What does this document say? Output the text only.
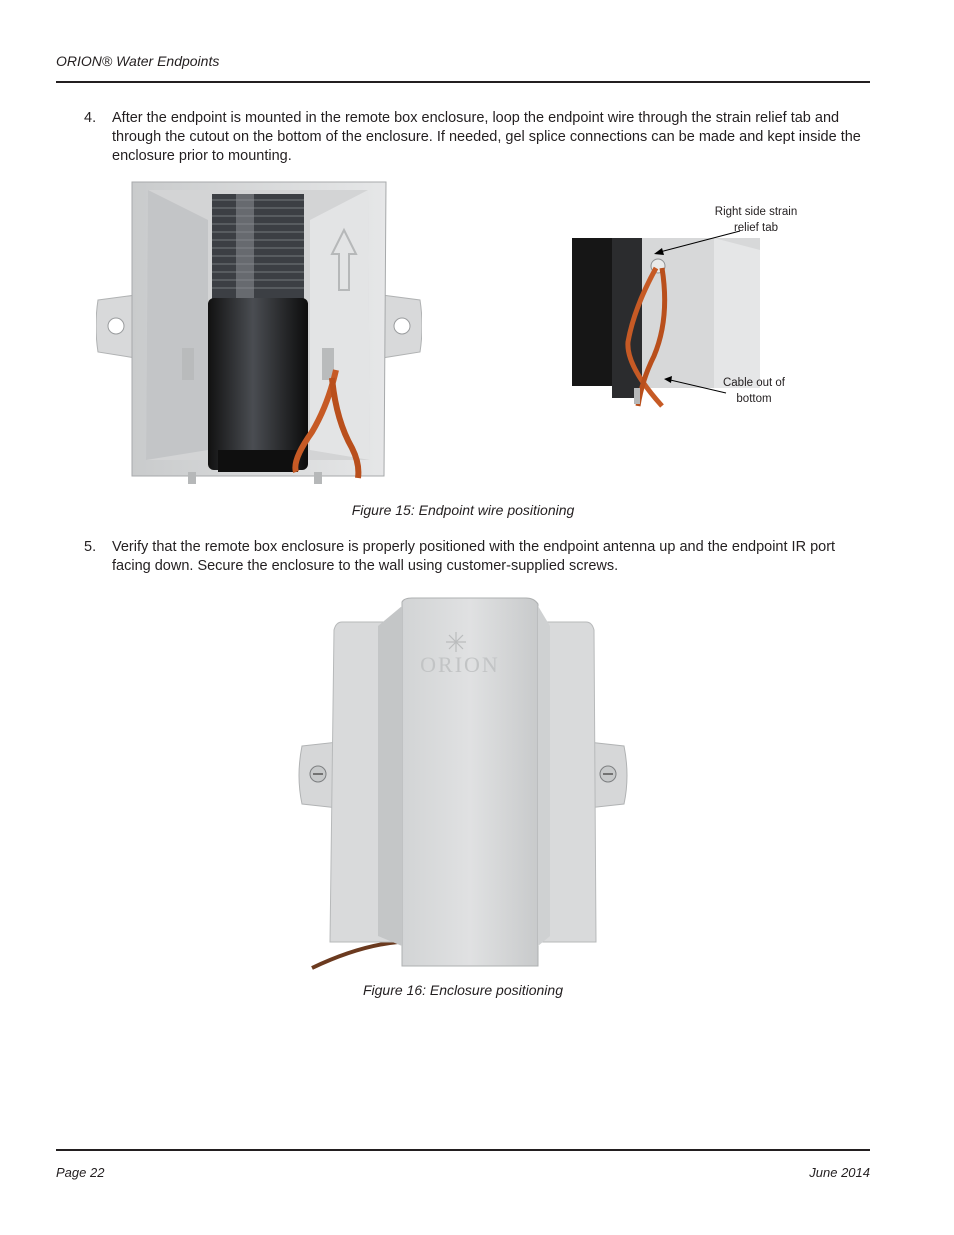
ORION® Water Endpoints
4. After the endpoint is mounted in the remote box enclosure, loop the endpoint wire through the strain relief tab and through the cutout on the bottom of the enclosure. If needed, gel splice connections can be made and kept inside the enclosure prior to mounting.
Right side strain
relief tab
Cable out of
bottom
Figure 15: Endpoint wire positioning
5. Verify that the remote box enclosure is properly positioned with the endpoint antenna up and the endpoint IR port facing down. Secure the enclosure to the wall using customer-supplied screws.
ORION
Figure 16: Enclosure positioning
Page 22	June 2014
